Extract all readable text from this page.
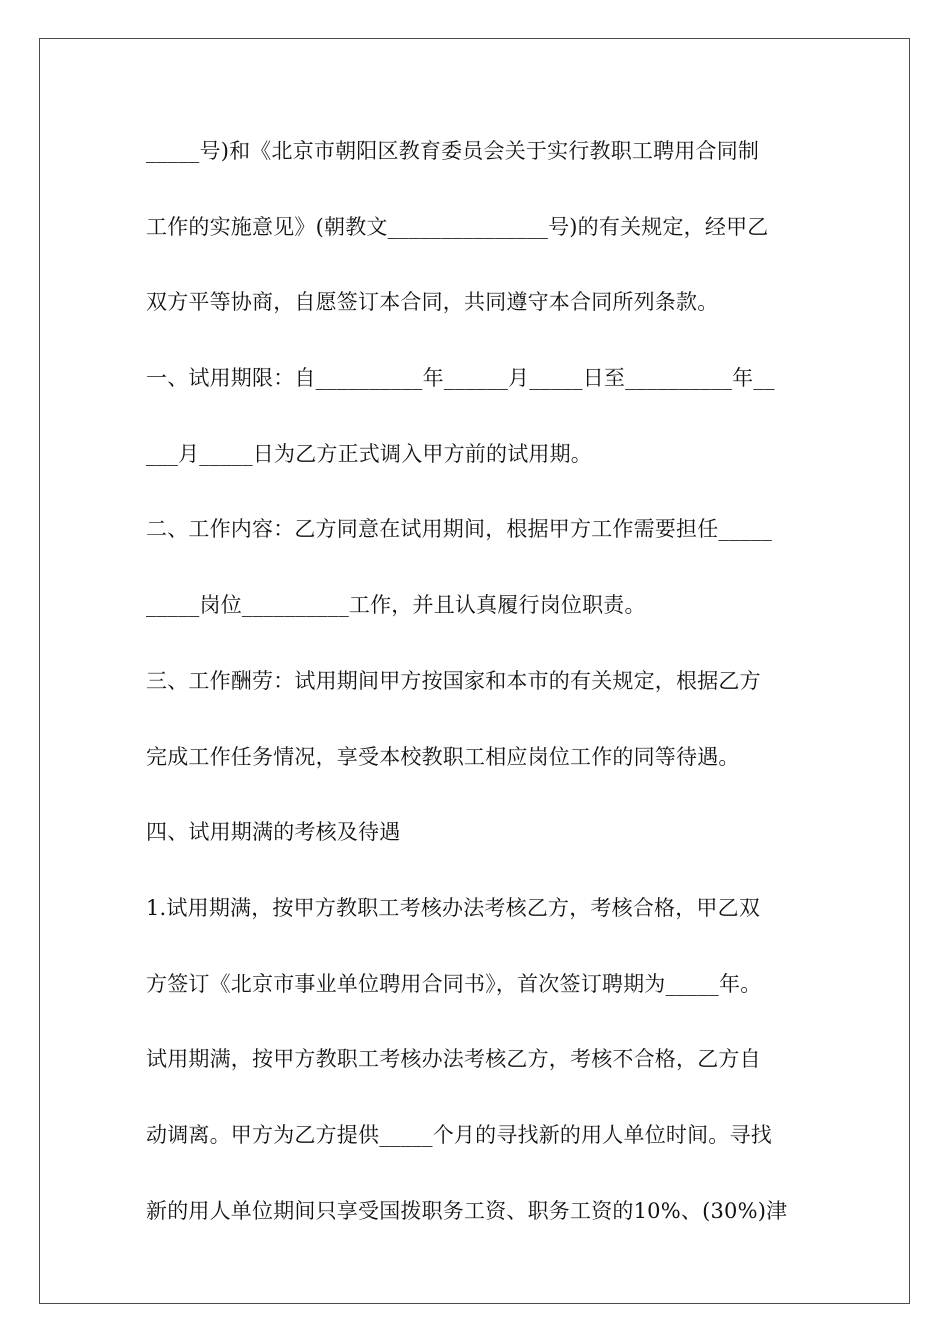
_____号)和《北京市朝阳区教育委员会关于实行教职工聘用合同制

工作的实施意见》(朝教文_______________号)的有关规定，经甲乙

双方平等协商，自愿签订本合同，共同遵守本合同所列条款。

一、试用期限：自__________年______月_____日至__________年__

___月_____日为乙方正式调入甲方前的试用期。

二、工作内容：乙方同意在试用期间，根据甲方工作需要担任_____

_____岗位__________工作，并且认真履行岗位职责。

三、工作酬劳：试用期间甲方按国家和本市的有关规定，根据乙方

完成工作任务情况，享受本校教职工相应岗位工作的同等待遇。

四、试用期满的考核及待遇

1.试用期满，按甲方教职工考核办法考核乙方，考核合格，甲乙双

方签订《北京市事业单位聘用合同书》，首次签订聘期为_____年。

试用期满，按甲方教职工考核办法考核乙方，考核不合格，乙方自

动调离。甲方为乙方提供_____个月的寻找新的用人单位时间。寻找

新的用人单位期间只享受国拨职务工资、职务工资的10%、(30%)津
